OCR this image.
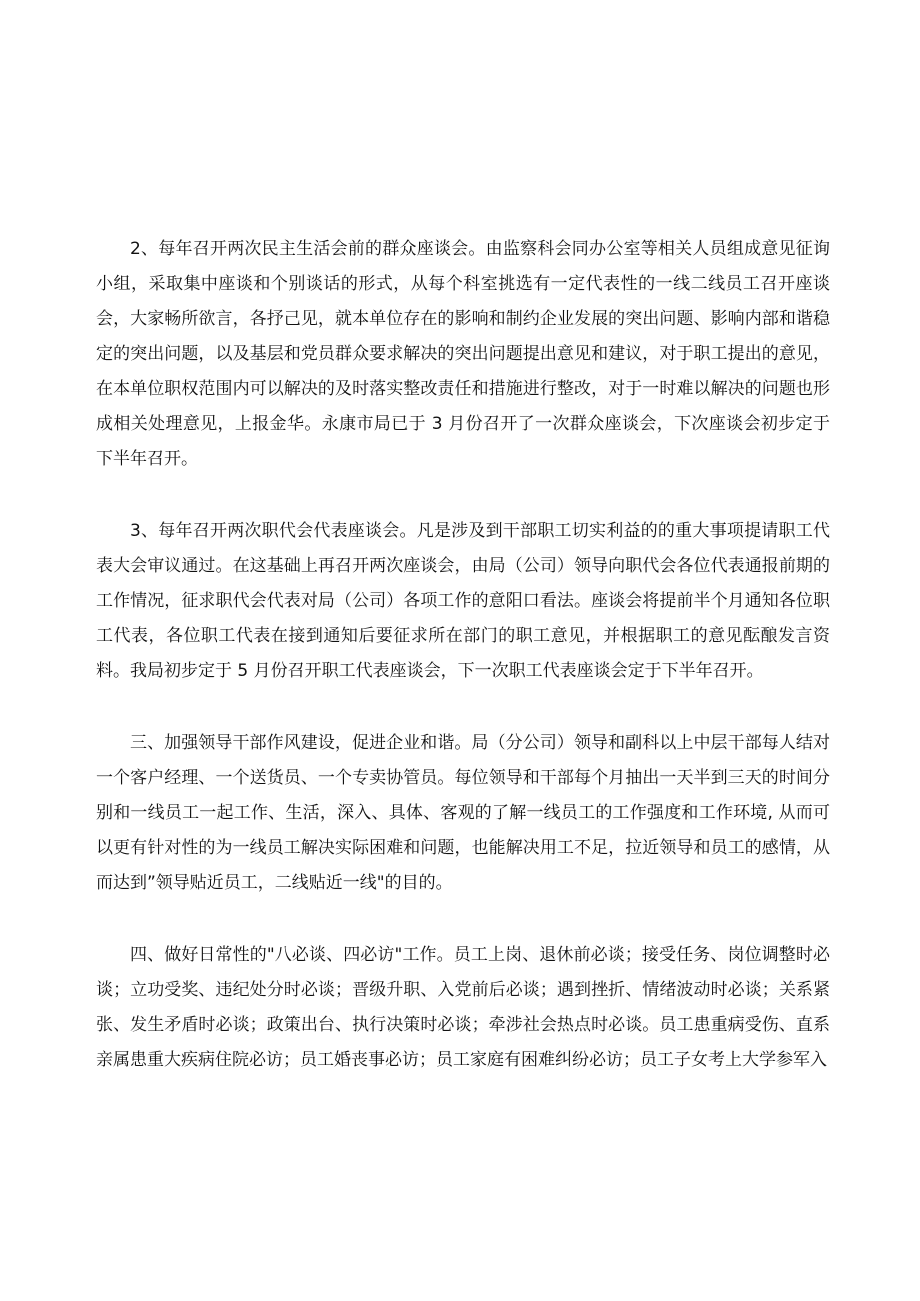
2、每年召开两次民主生活会前的群众座谈会。由监察科会同办公室等相关人员组成意见征询小组，采取集中座谈和个别谈话的形式，从每个科室挑选有一定代表性的一线二线员工召开座谈会，大家畅所欲言，各抒己见，就本单位存在的影响和制约企业发展的突出问题、影响内部和谐稳定的突出问题，以及基层和党员群众要求解决的突出问题提出意见和建议，对于职工提出的意见，在本单位职权范围内可以解决的及时落实整改责任和措施进行整改，对于一时难以解决的问题也形成相关处理意见，上报金华。永康市局已于 3 月份召开了一次群众座谈会，下次座谈会初步定于下半年召开。

3、每年召开两次职代会代表座谈会。凡是涉及到干部职工切实利益的的重大事项提请职工代表大会审议通过。在这基础上再召开两次座谈会，由局（公司）领导向职代会各位代表通报前期的工作情况，征求职代会代表对局（公司）各项工作的意阳口看法。座谈会将提前半个月通知各位职工代表，各位职工代表在接到通知后要征求所在部门的职工意见，并根据职工的意见酝酿发言资料。我局初步定于 5 月份召开职工代表座谈会，下一次职工代表座谈会定于下半年召开。

三、加强领导干部作风建设，促进企业和谐。局（分公司）领导和副科以上中层干部每人结对一个客户经理、一个送货员、一个专卖协管员。每位领导和干部每个月抽出一天半到三天的时间分别和一线员工一起工作、生活，深入、具体、客观的了解一线员工的工作强度和工作环境, 从而可以更有针对性的为一线员工解决实际困难和问题，也能解决用工不足，拉近领导和员工的感情，从而达到”领导贴近员工，二线贴近一线"的目的。

四、做好日常性的"八必谈、四必访"工作。员工上岗、退休前必谈；接受任务、岗位调整时必谈；立功受奖、违纪处分时必谈；晋级升职、入党前后必谈；遇到挫折、情绪波动时必谈；关系紧张、发生矛盾时必谈；政策出台、执行决策时必谈；牵涉社会热点时必谈。员工患重病受伤、直系亲属患重大疾病住院必访；员工婚丧事必访；员工家庭有困难纠纷必访；员工子女考上大学参军入
